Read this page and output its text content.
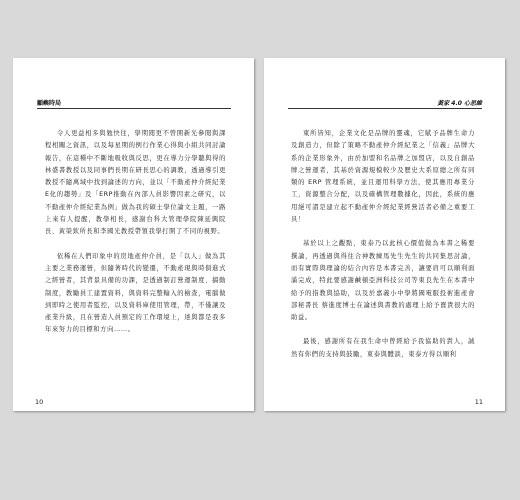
顧嶼時局

令人更益相多與勉快往，學期閱更不曾開新光參閱與課程相關之資訊，以及每星期的例行作業心得與小組共同討論報告，在這種中不斷地吸收與反思，更在導力分學聽與得的林盛書教授以及同事們長期在研長思心的調教，透過導引更教授不隨萬域中找到論述的方向，並以「不動產仲介經紀業E化的趨勢」及「ERP推動在內部人員影響因素之研究，以不動產仲介經紀業為例」做為我的碩士學位論文主題，一路上來有人提醒，教學相長，感謝台科大管理學院陳延興院長、黃榮欽所長和李國光教授帶領我學打開了不同的視野。

依稀在人們印象中的房地產仲介員，是「以人」做為其主要之業務運營，但隨著時代的變遷，不動產現與時俱進式之經營者，其背景具備的功課，是透過制訂營運制度、搞動制度，教勵員工建置資料，與資料完整輸入的檢查，電腦做到即時之使用者監控，以及資料庫使用管理，帶，不僅讓及產業升級，且在營造人員預定的工作環境上，達與都是我多年來努力的目標和方向……。

10
黃家 4.0 心思維

東所皆知，企業文化是品牌的靈魂，它賦予品牌生命力及創造力，但除了策略不動產仲介經紀業之「信義」品牌大系的企業形象外，由於加盟和名品牌之加盟店，以及自創品牌之營運者，其基於資源規模較少及歷史大系原總之所有同類的 ERP 管理系統，並且運用科學方法，使其應用專業分工，資源整合分配，以及確構管理數據化，因此，系統的應用絕可謂是建立起不動產仲介經紀業經營活者必備之重要工具！

基於以上之觀點，東泰乃以此核心價值做為本書之稀要撰論，再透過與得往合神教練馬先生先生的共同集思討論，而有實際與理論的結合內容是本書完善，讓要肩可以順利面滿完成，特此要感謝鹹頓亞洲科技公司等東良先生在本書中給予的指教與協助，以及於嘉義小中學將國電服投術進產會部秘書長 蔡進度博士在論述與書教的處理上給予寶貴很大的助益。

最後，感謝所有在我生命中曾經給予我協助的貴人，誠然有你們的支持與鼓勵，東泰與體談，東泰方得以順利

11
